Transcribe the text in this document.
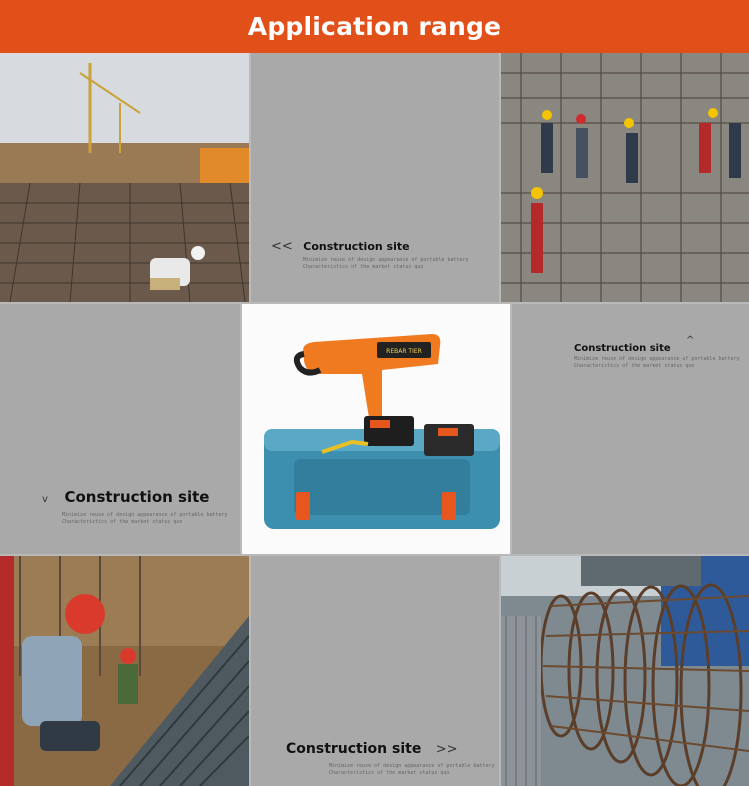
Application range
<< Construction site
Minimize reuse of design appearance of portable battery
Characteristics of the market status quo
v Construction site
Minimize reuse of design appearance of portable battery
Characteristics of the market status quo
REBAR TIER	Construction site
^
Minimize reuse of design appearance of portable battery
Characteristics of the market status quo
Construction site >>
Minimize reuse of design appearance of portable battery
Characteristics of the market status quo
